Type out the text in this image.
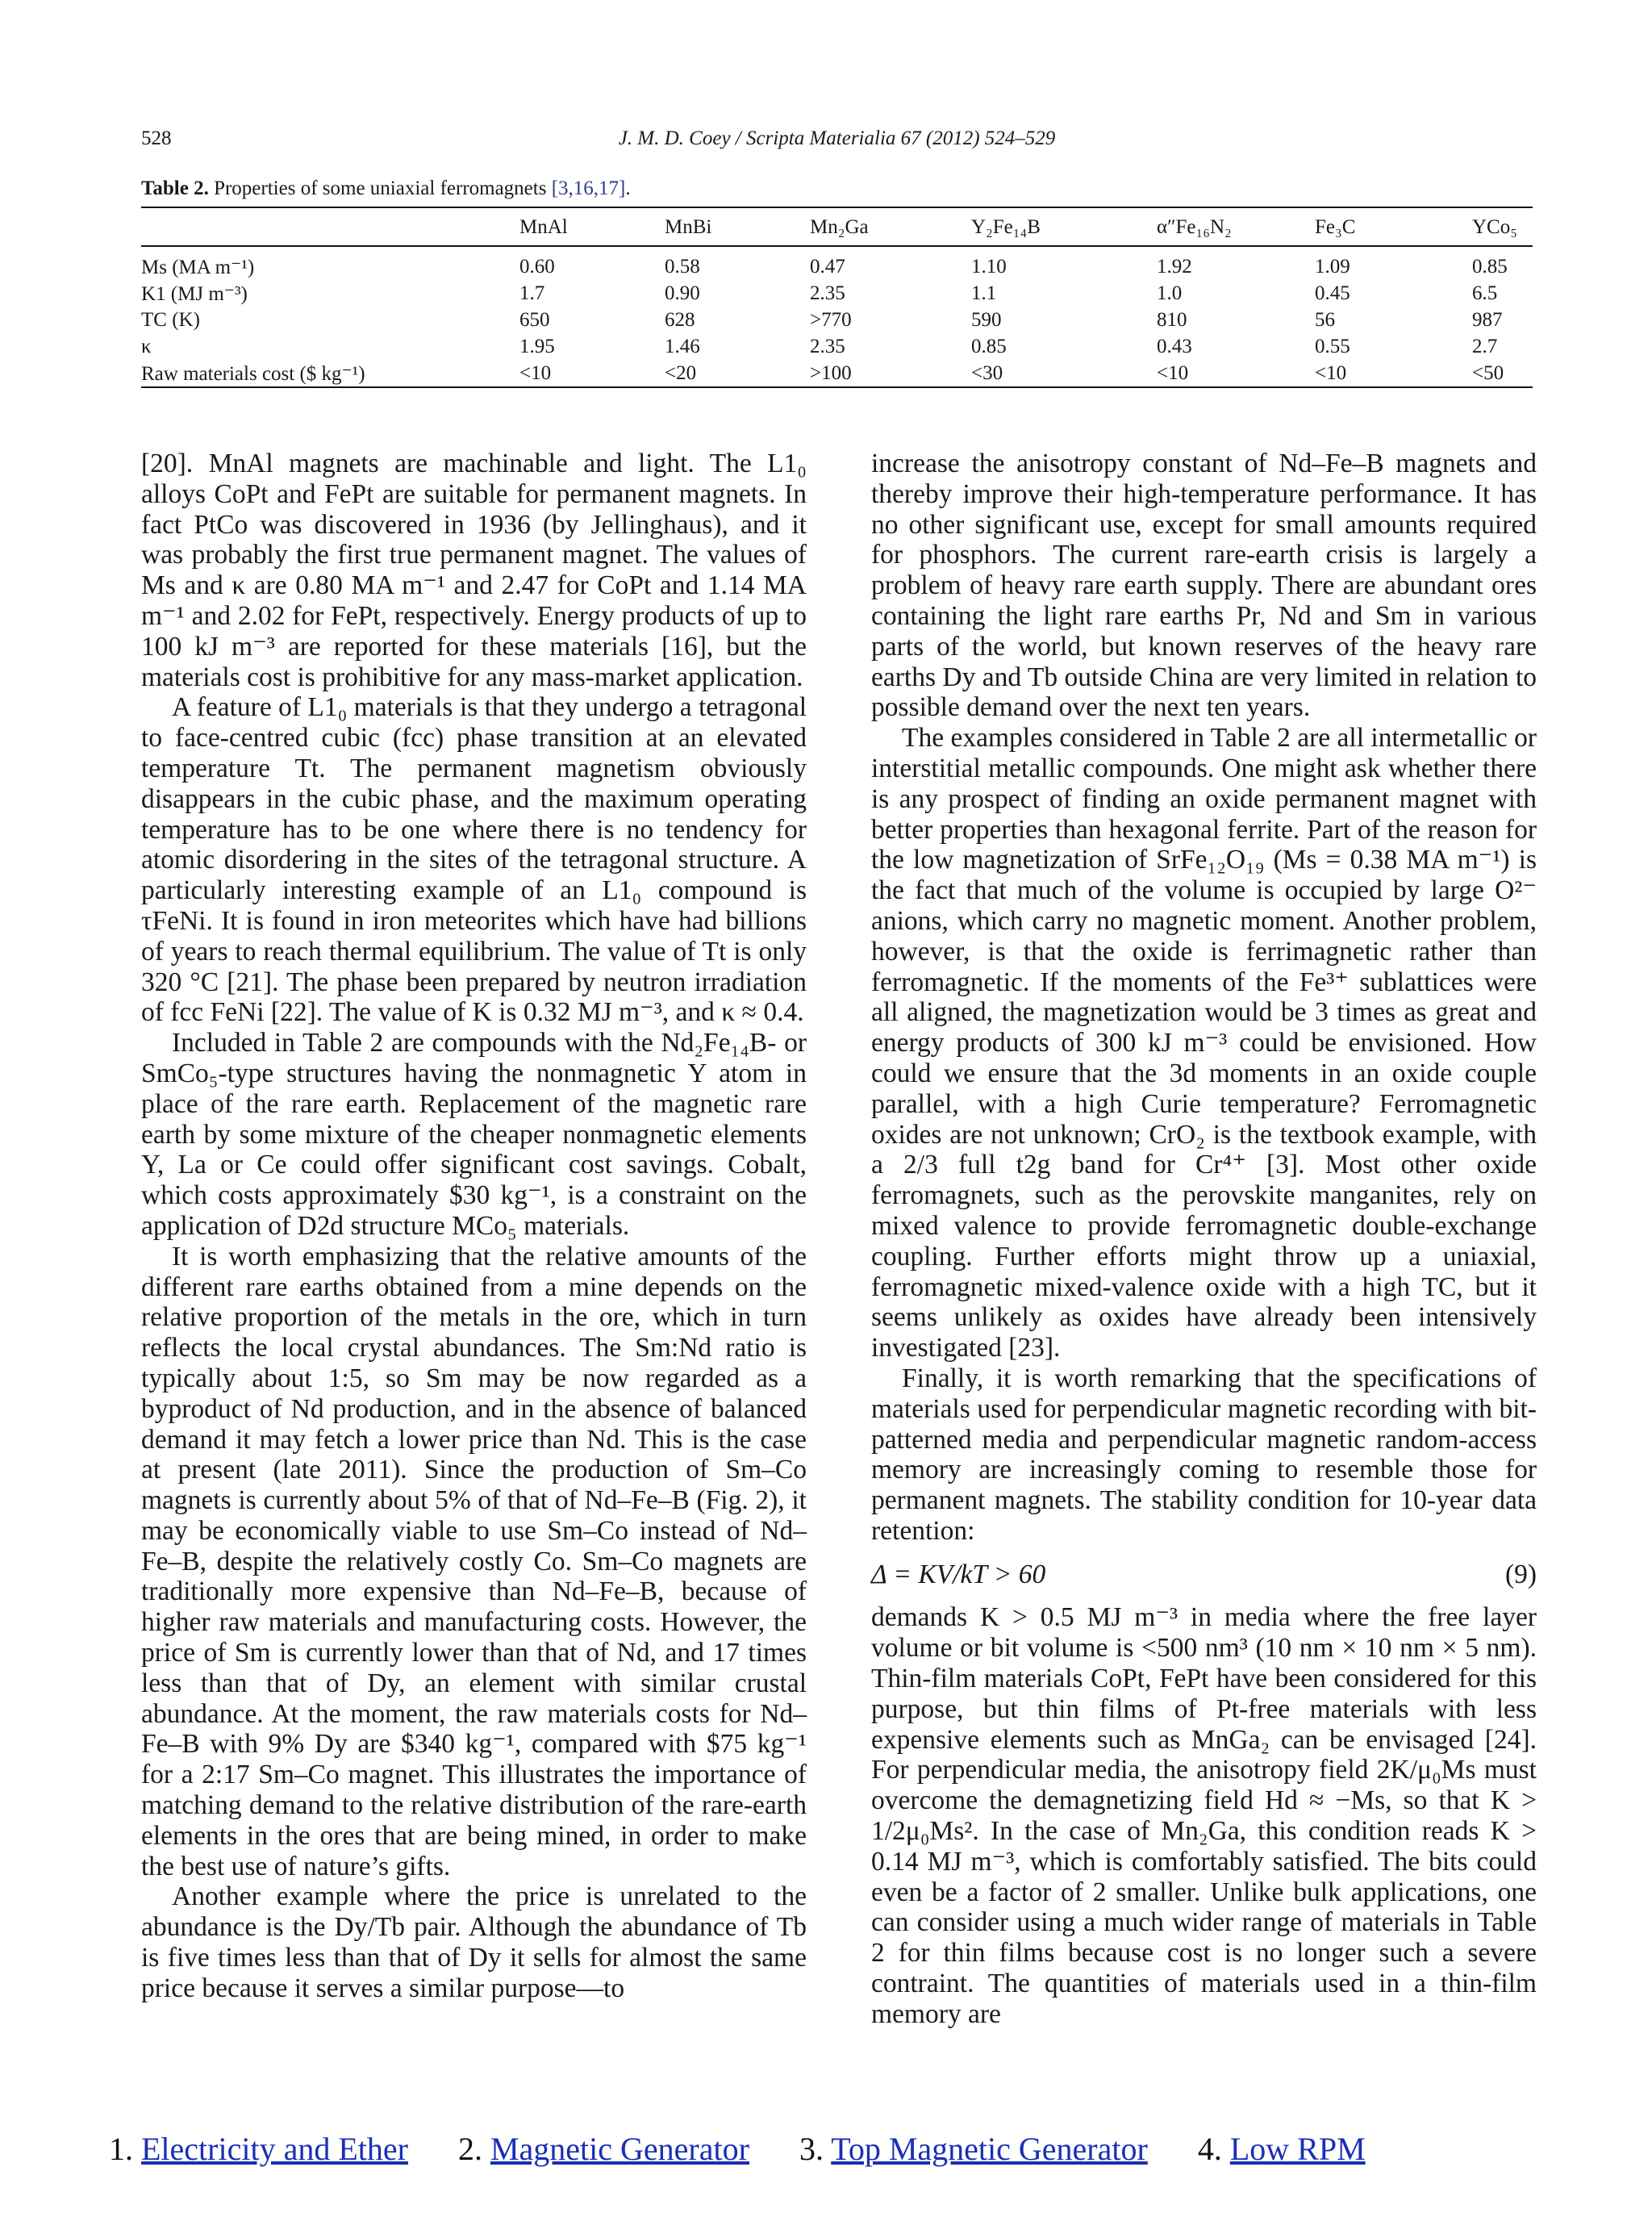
528	J. M. D. Coey / Scripta Materialia 67 (2012) 524–529
Table 2. Properties of some uniaxial ferromagnets [3,16,17].
	MnAl	MnBi	Mn₂Ga	Y₂Fe₁₄B	α″Fe₁₆N₂	Fe₃C	YCo₅
Ms (MA m⁻¹)	0.60	0.58	0.47	1.10	1.92	1.09	0.85
K1 (MJ m⁻³)	1.7	0.90	2.35	1.1	1.0	0.45	6.5
TC (K)	650	628	>770	590	810	56	987
κ	1.95	1.46	2.35	0.85	0.43	0.55	2.7
Raw materials cost ($ kg⁻¹)	<10	<20	>100	<30	<10	<10	<50

[20]. MnAl magnets are machinable and light. The L1₀ alloys CoPt and FePt are suitable for permanent magnets. In fact PtCo was discovered in 1936 (by Jellinghaus), and it was probably the first true permanent magnet. The values of Ms and κ are 0.80 MA m⁻¹ and 2.47 for CoPt and 1.14 MA m⁻¹ and 2.02 for FePt, respectively. Energy products of up to 100 kJ m⁻³ are reported for these materials [16], but the materials cost is prohibitive for any mass-market application.

A feature of L1₀ materials is that they undergo a tetragonal to face-centred cubic (fcc) phase transition at an elevated temperature Tt. The permanent magnetism obviously disappears in the cubic phase, and the maximum operating temperature has to be one where there is no tendency for atomic disordering in the sites of the tetragonal structure. A particularly interesting example of an L1₀ compound is τFeNi. It is found in iron meteorites which have had billions of years to reach thermal equilibrium. The value of Tt is only 320 °C [21]. The phase been prepared by neutron irradiation of fcc FeNi [22]. The value of K is 0.32 MJ m⁻³, and κ ≈ 0.4.

Included in Table 2 are compounds with the Nd₂Fe₁₄B- or SmCo₅-type structures having the nonmagnetic Y atom in place of the rare earth. Replacement of the magnetic rare earth by some mixture of the cheaper nonmagnetic elements Y, La or Ce could offer significant cost savings. Cobalt, which costs approximately $30 kg⁻¹, is a constraint on the application of D2d structure MCo₅ materials.

It is worth emphasizing that the relative amounts of the different rare earths obtained from a mine depends on the relative proportion of the metals in the ore, which in turn reflects the local crystal abundances. The Sm:Nd ratio is typically about 1:5, so Sm may be now regarded as a byproduct of Nd production, and in the absence of balanced demand it may fetch a lower price than Nd. This is the case at present (late 2011). Since the production of Sm–Co magnets is currently about 5% of that of Nd–Fe–B (Fig. 2), it may be economically viable to use Sm–Co instead of Nd–Fe–B, despite the relatively costly Co. Sm–Co magnets are traditionally more expensive than Nd–Fe–B, because of higher raw materials and manufacturing costs. However, the price of Sm is currently lower than that of Nd, and 17 times less than that of Dy, an element with similar crustal abundance. At the moment, the raw materials costs for Nd–Fe–B with 9% Dy are $340 kg⁻¹, compared with $75 kg⁻¹ for a 2:17 Sm–Co magnet. This illustrates the importance of matching demand to the relative distribution of the rare-earth elements in the ores that are being mined, in order to make the best use of nature’s gifts.

Another example where the price is unrelated to the abundance is the Dy/Tb pair. Although the abundance of Tb is five times less than that of Dy it sells for almost the same price because it serves a similar purpose—to

increase the anisotropy constant of Nd–Fe–B magnets and thereby improve their high-temperature performance. It has no other significant use, except for small amounts required for phosphors. The current rare-earth crisis is largely a problem of heavy rare earth supply. There are abundant ores containing the light rare earths Pr, Nd and Sm in various parts of the world, but known reserves of the heavy rare earths Dy and Tb outside China are very limited in relation to possible demand over the next ten years.

The examples considered in Table 2 are all intermetallic or interstitial metallic compounds. One might ask whether there is any prospect of finding an oxide permanent magnet with better properties than hexagonal ferrite. Part of the reason for the low magnetization of SrFe₁₂O₁₉ (Ms = 0.38 MA m⁻¹) is the fact that much of the volume is occupied by large O²⁻ anions, which carry no magnetic moment. Another problem, however, is that the oxide is ferrimagnetic rather than ferromagnetic. If the moments of the Fe³⁺ sublattices were all aligned, the magnetization would be 3 times as great and energy products of 300 kJ m⁻³ could be envisioned. How could we ensure that the 3d moments in an oxide couple parallel, with a high Curie temperature? Ferromagnetic oxides are not unknown; CrO₂ is the textbook example, with a 2/3 full t2g band for Cr⁴⁺ [3]. Most other oxide ferromagnets, such as the perovskite manganites, rely on mixed valence to provide ferromagnetic double-exchange coupling. Further efforts might throw up a uniaxial, ferromagnetic mixed-valence oxide with a high TC, but it seems unlikely as oxides have already been intensively investigated [23].

Finally, it is worth remarking that the specifications of materials used for perpendicular magnetic recording with bit-patterned media and perpendicular magnetic random-access memory are increasingly coming to resemble those for permanent magnets. The stability condition for 10-year data retention:

Δ = KV/kT > 60	(9)

demands K > 0.5 MJ m⁻³ in media where the free layer volume or bit volume is <500 nm³ (10 nm × 10 nm × 5 nm). Thin-film materials CoPt, FePt have been considered for this purpose, but thin films of Pt-free materials with less expensive elements such as MnGa₂ can be envisaged [24]. For perpendicular media, the anisotropy field 2K/μ₀Ms must overcome the demagnetizing field Hd ≈ −Ms, so that K > 1/2μ₀Ms². In the case of Mn₂Ga, this condition reads K > 0.14 MJ m⁻³, which is comfortably satisfied. The bits could even be a factor of 2 smaller. Unlike bulk applications, one can consider using a much wider range of materials in Table 2 for thin films because cost is no longer such a severe contraint. The quantities of materials used in a thin-film memory are

1. Electricity and Ether 2. Magnetic Generator 3. Top Magnetic Generator 4. Low RPM
